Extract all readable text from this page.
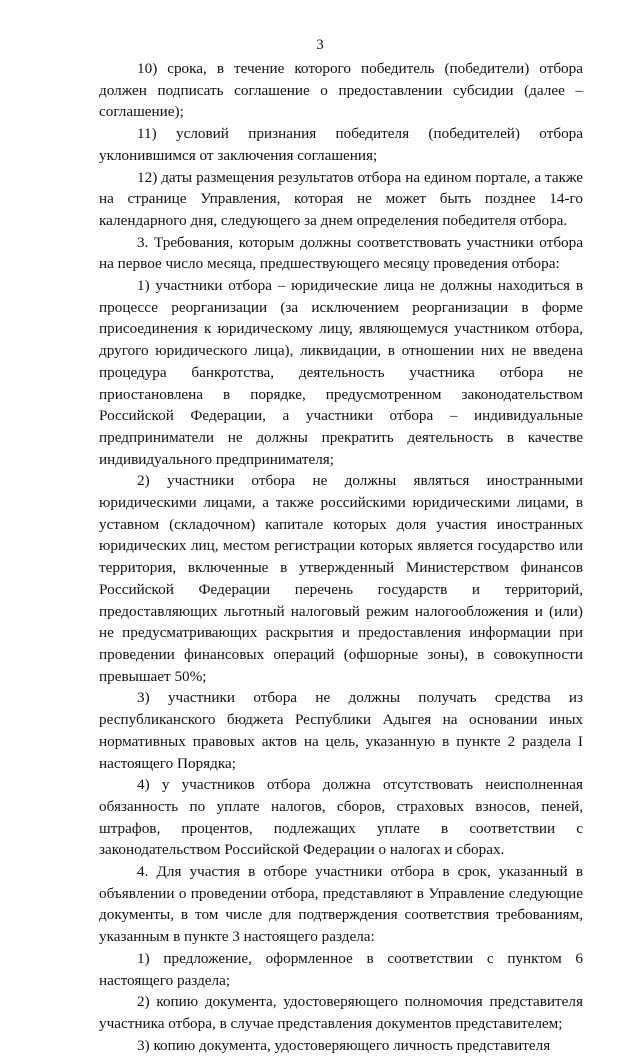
3

10) срока, в течение которого победитель (победители) отбора должен подписать соглашение о предоставлении субсидии (далее – соглашение);

11) условий признания победителя (победителей) отбора уклонившимся от заключения соглашения;

12) даты размещения результатов отбора на едином портале, а также на странице Управления, которая не может быть позднее 14-го календарного дня, следующего за днем определения победителя отбора.

3. Требования, которым должны соответствовать участники отбора на первое число месяца, предшествующего месяцу проведения отбора:

1) участники отбора – юридические лица не должны находиться в процессе реорганизации (за исключением реорганизации в форме присоединения к юридическому лицу, являющемуся участником отбора, другого юридического лица), ликвидации, в отношении них не введена процедура банкротства, деятельность участника отбора не приостановлена в порядке, предусмотренном законодательством Российской Федерации, а участники отбора – индивидуальные предприниматели не должны прекратить деятельность в качестве индивидуального предпринимателя;

2) участники отбора не должны являться иностранными юридическими лицами, а также российскими юридическими лицами, в уставном (складочном) капитале которых доля участия иностранных юридических лиц, местом регистрации которых является государство или территория, включенные в утвержденный Министерством финансов Российской Федерации перечень государств и территорий, предоставляющих льготный налоговый режим налогообложения и (или) не предусматривающих раскрытия и предоставления информации при проведении финансовых операций (офшорные зоны), в совокупности превышает 50%;

3) участники отбора не должны получать средства из республиканского бюджета Республики Адыгея на основании иных нормативных правовых актов на цель, указанную в пункте 2 раздела I настоящего Порядка;

4) у участников отбора должна отсутствовать неисполненная обязанность по уплате налогов, сборов, страховых взносов, пеней, штрафов, процентов, подлежащих уплате в соответствии с законодательством Российской Федерации о налогах и сборах.

4. Для участия в отборе участники отбора в срок, указанный в объявлении о проведении отбора, представляют в Управление следующие документы, в том числе для подтверждения соответствия требованиям, указанным в пункте 3 настоящего раздела:

1) предложение, оформленное в соответствии с пунктом 6 настоящего раздела;

2) копию документа, удостоверяющего полномочия представителя участника отбора, в случае представления документов представителем;

3) копию документа, удостоверяющего личность представителя
